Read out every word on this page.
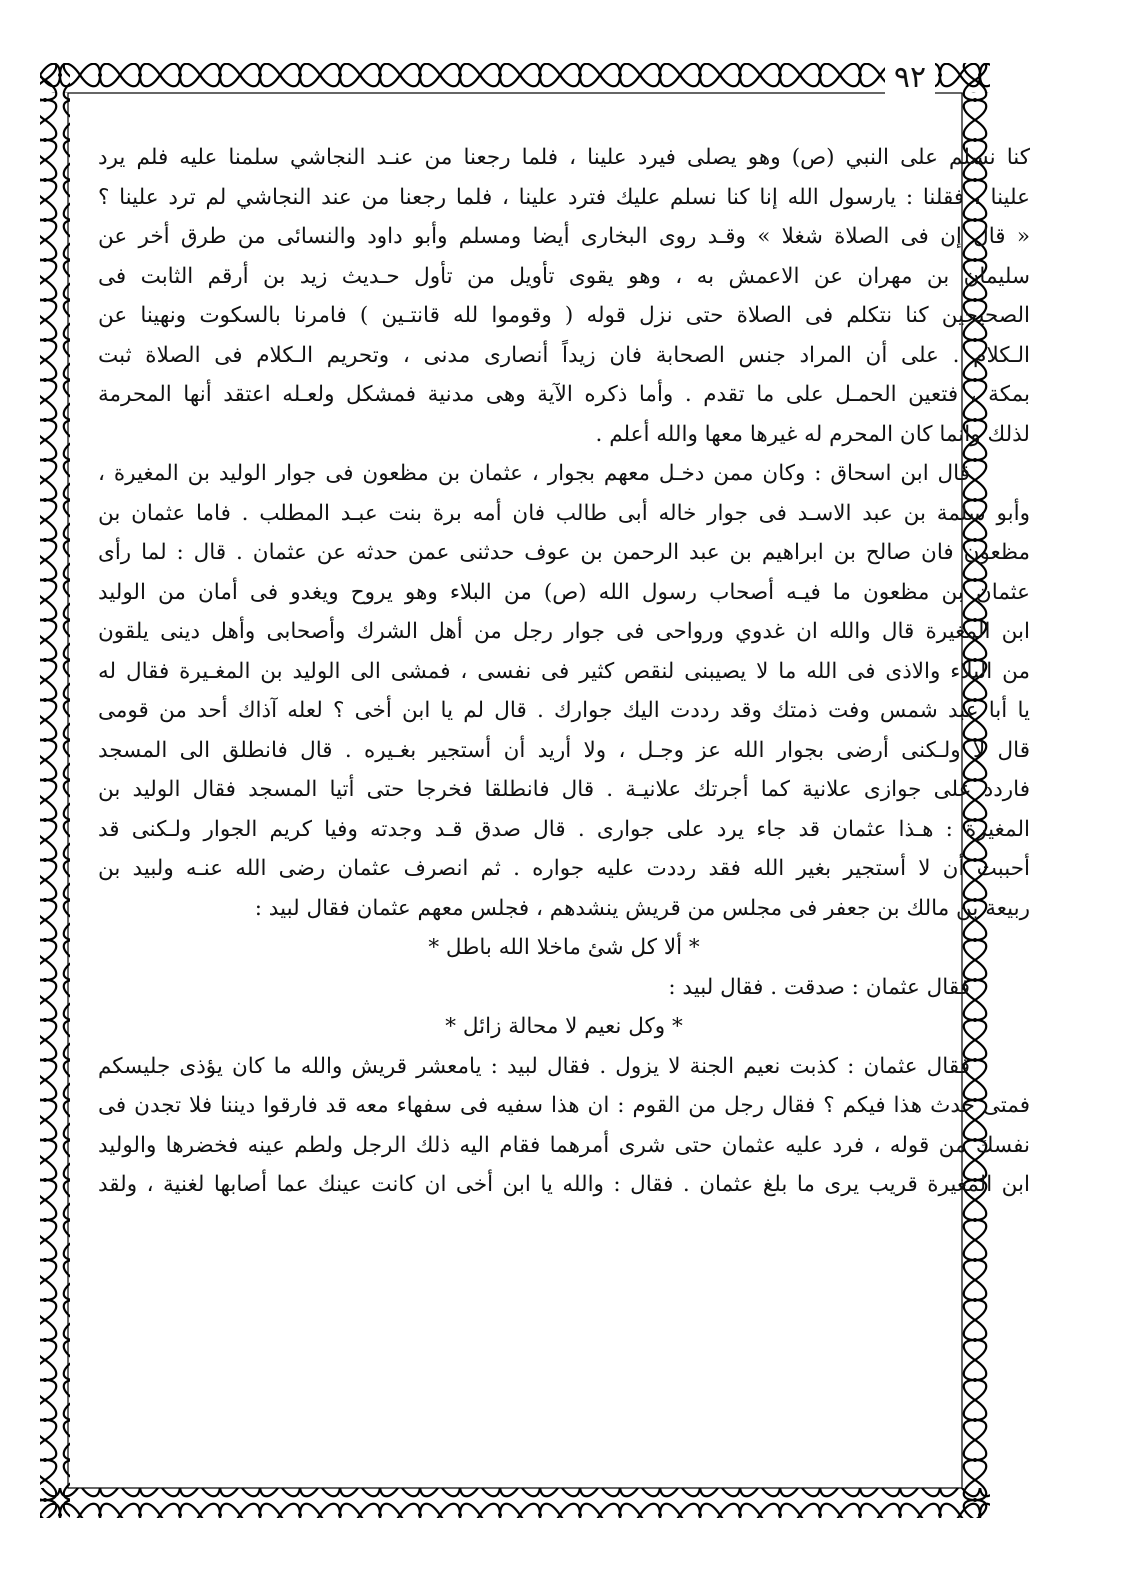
٩٢
كنا نسلم على النبي (ص) وهو يصلى فيرد علينا ، فلما رجعنا من عنـد النجاشي سلمنا عليه فلم يرد
علينا ، فقلنا : يارسول الله إنا كنا نسلم عليك فترد علينا ، فلما رجعنا من عند النجاشي لم ترد علينا ؟
« قال إن فى الصلاة شغلا » وقـد روى البخارى أيضا ومسلم وأبو داود والنسائى من طرق أخر عن
سليمان بن مهران عن الاعمش به ، وهو يقوى تأويل من تأول حـديث زيد بن أرقم الثابت فى
الصحيحين كنا نتكلم فى الصلاة حتى نزل قوله ( وقوموا لله قانتـين ) فامرنا بالسكوت ونهينا عن
الـكلام . على أن المراد جنس الصحابة فان زيداً أنصارى مدنى ، وتحريم الـكلام فى الصلاة ثبت
بمكة ، فتعين الحمـل على ما تقدم . وأما ذكره الآية وهى مدنية فمشكل ولعـله اعتقد أنها المحرمة
لذلك وانما كان المحرم له غيرها معها والله أعلم .
قال ابن اسحاق : وكان ممن دخـل معهم بجوار ، عثمان بن مظعون فى جوار الوليد بن المغيرة ،
وأبو سلمة بن عبد الاسـد فى جوار خاله أبى طالب فان أمه برة بنت عبـد المطلب . فاما عثمان بن
مظعون فان صالح بن ابراهيم بن عبد الرحمن بن عوف حدثنى عمن حدثه عن عثمان . قال : لما رأى
عثمان بن مظعون ما فيـه أصحاب رسول الله (ص) من البلاء وهو يروح ويغدو فى أمان من الوليد
ابن المغيرة قال والله ان غدوي ورواحى فى جوار رجل من أهل الشرك وأصحابى وأهل دينى يلقون
من البلاء والاذى فى الله ما لا يصيبنى لنقص كثير فى نفسى ، فمشى الى الوليد بن المغـيرة فقال له
يا أبا عبد شمس وفت ذمتك وقد رددت اليك جوارك . قال لم يا ابن أخى ؟ لعله آذاك أحد من قومى
قال لا ولـكنى أرضى بجوار الله عز وجـل ، ولا أريد أن أستجير بغـيره . قال فانطلق الى المسجد
فاردد على جوازى علانية كما أجرتك علانيـة . قال فانطلقا فخرجا حتى أتيا المسجد فقال الوليد بن
المغيرة : هـذا عثمان قد جاء يرد على جوارى . قال صدق قـد وجدته وفيا كريم الجوار ولـكنى قد
أحببت أن لا أستجير بغير الله فقد رددت عليه جواره . ثم انصرف عثمان رضى الله عنـه ولبيد بن
ربيعة بن مالك بن جعفر فى مجلس من قريش ينشدهم ، فجلس معهم عثمان فقال لبيد :
* ألا كل شئ ماخلا الله باطل *
فقال عثمان : صدقت . فقال لبيد :
* وكل نعيم لا محالة زائل *
فقال عثمان : كذبت نعيم الجنة لا يزول . فقال لبيد : يامعشر قريش والله ما كان يؤذى جليسكم
فمتى حدث هذا فيكم ؟ فقال رجل من القوم : ان هذا سفيه فى سفهاء معه قد فارقوا ديننا فلا تجدن فى
نفسك من قوله ، فرد عليه عثمان حتى شرى أمرهما فقام اليه ذلك الرجل ولطم عينه فخضرها والوليد
ابن المغيرة قريب يرى ما بلغ عثمان . فقال : والله يا ابن أخى ان كانت عينك عما أصابها لغنية ، ولقد
